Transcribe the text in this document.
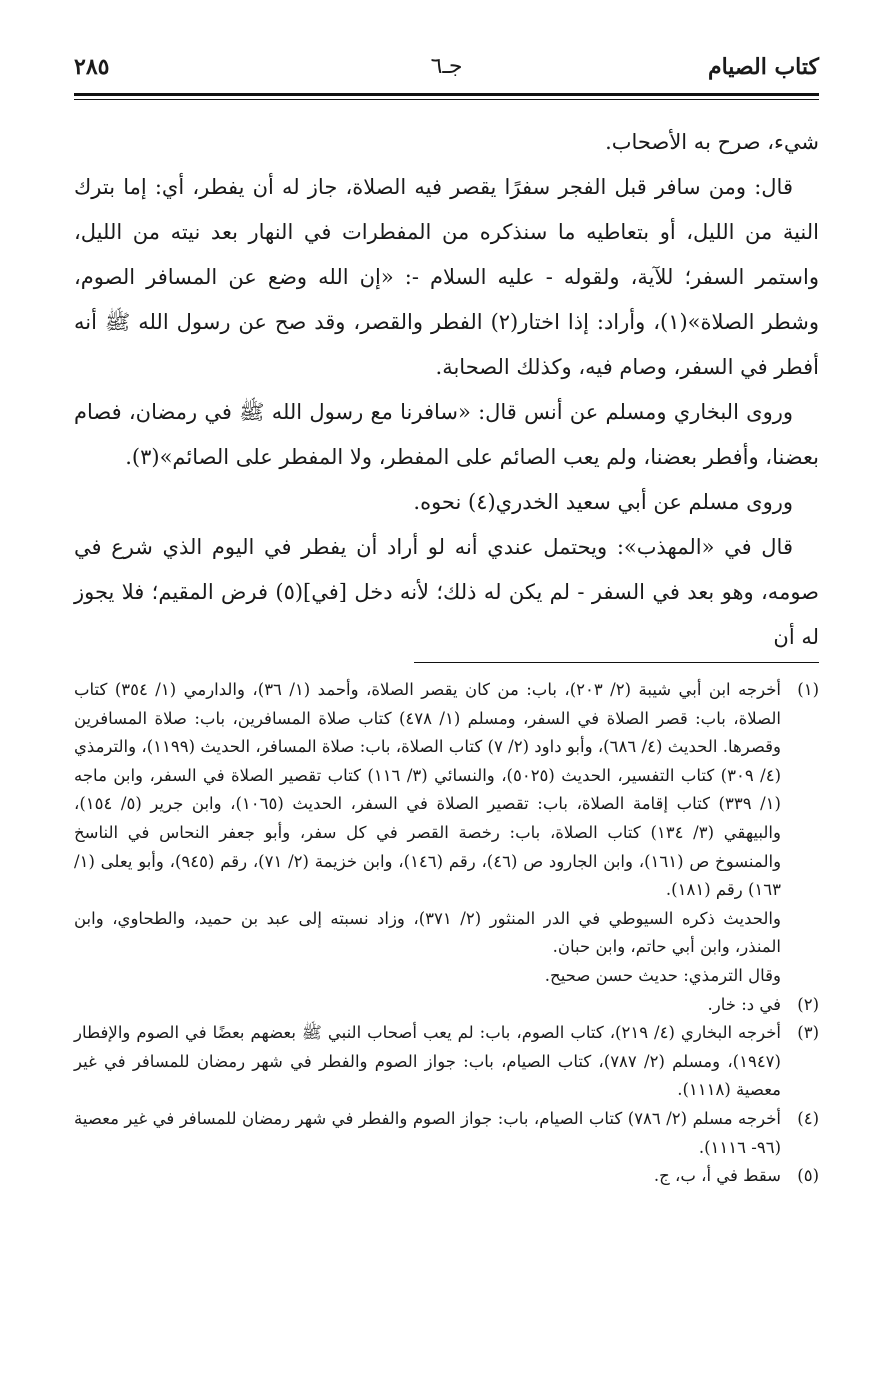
كتاب الصيام
جـ٦
٢٨٥

شيء، صرح به الأصحاب.

قال: ومن سافر قبل الفجر سفرًا يقصر فيه الصلاة، جاز له أن يفطر، أي: إما بترك النية من الليل، أو بتعاطيه ما سنذكره من المفطرات في النهار بعد نيته من الليل، واستمر السفر؛ للآية، ولقوله - عليه السلام -: «إن الله وضع عن المسافر الصوم، وشطر الصلاة»(١)، وأراد: إذا اختار(٢) الفطر والقصر، وقد صح عن رسول الله ﷺ أنه أفطر في السفر، وصام فيه، وكذلك الصحابة.

وروى البخاري ومسلم عن أنس قال: «سافرنا مع رسول الله ﷺ في رمضان، فصام بعضنا، وأفطر بعضنا، ولم يعب الصائم على المفطر، ولا المفطر على الصائم»(٣).

وروى مسلم عن أبي سعيد الخدري(٤) نحوه.

قال في «المهذب»: ويحتمل عندي أنه لو أراد أن يفطر في اليوم الذي شرع في صومه، وهو بعد في السفر - لم يكن له ذلك؛ لأنه دخل [في](٥) فرض المقيم؛ فلا يجوز له أن

(١)
أخرجه ابن أبي شيبة (٢/ ٢٠٣)، باب: من كان يقصر الصلاة، وأحمد (١/ ٣٦)، والدارمي (١/ ٣٥٤) كتاب الصلاة، باب: قصر الصلاة في السفر، ومسلم (١/ ٤٧٨) كتاب صلاة المسافرين، باب: صلاة المسافرين وقصرها. الحديث (٤/ ٦٨٦)، وأبو داود (٢/ ٧) كتاب الصلاة، باب: صلاة المسافر، الحديث (١١٩٩)، والترمذي (٤/ ٣٠٩) كتاب التفسير، الحديث (٥٠٢٥)، والنسائي (٣/ ١١٦) كتاب تقصير الصلاة في السفر، وابن ماجه (١/ ٣٣٩) كتاب إقامة الصلاة، باب: تقصير الصلاة في السفر، الحديث (١٠٦٥)، وابن جرير (٥/ ١٥٤)، والبيهقي (٣/ ١٣٤) كتاب الصلاة، باب: رخصة القصر في كل سفر، وأبو جعفر النحاس في الناسخ والمنسوخ ص (١٦١)، وابن الجارود ص (٤٦)، رقم (١٤٦)، وابن خزيمة (٢/ ٧١)، رقم (٩٤٥)، وأبو يعلى (١/ ١٦٣) رقم (١٨١).
والحديث ذكره السيوطي في الدر المنثور (٢/ ٣٧١)، وزاد نسبته إلى عبد بن حميد، والطحاوي، وابن المنذر، وابن أبي حاتم، وابن حبان.
وقال الترمذي: حديث حسن صحيح.
(٢)
في د: خار.
(٣)
أخرجه البخاري (٤/ ٢١٩)، كتاب الصوم، باب: لم يعب أصحاب النبي ﷺ بعضهم بعضًا في الصوم والإفطار (١٩٤٧)، ومسلم (٢/ ٧٨٧)، كتاب الصيام، باب: جواز الصوم والفطر في شهر رمضان للمسافر في غير معصية (١١١٨).
(٤)
أخرجه مسلم (٢/ ٧٨٦) كتاب الصيام، باب: جواز الصوم والفطر في شهر رمضان للمسافر في غير معصية (٩٦- ١١١٦).
(٥)
سقط في أ، ب، ج.
